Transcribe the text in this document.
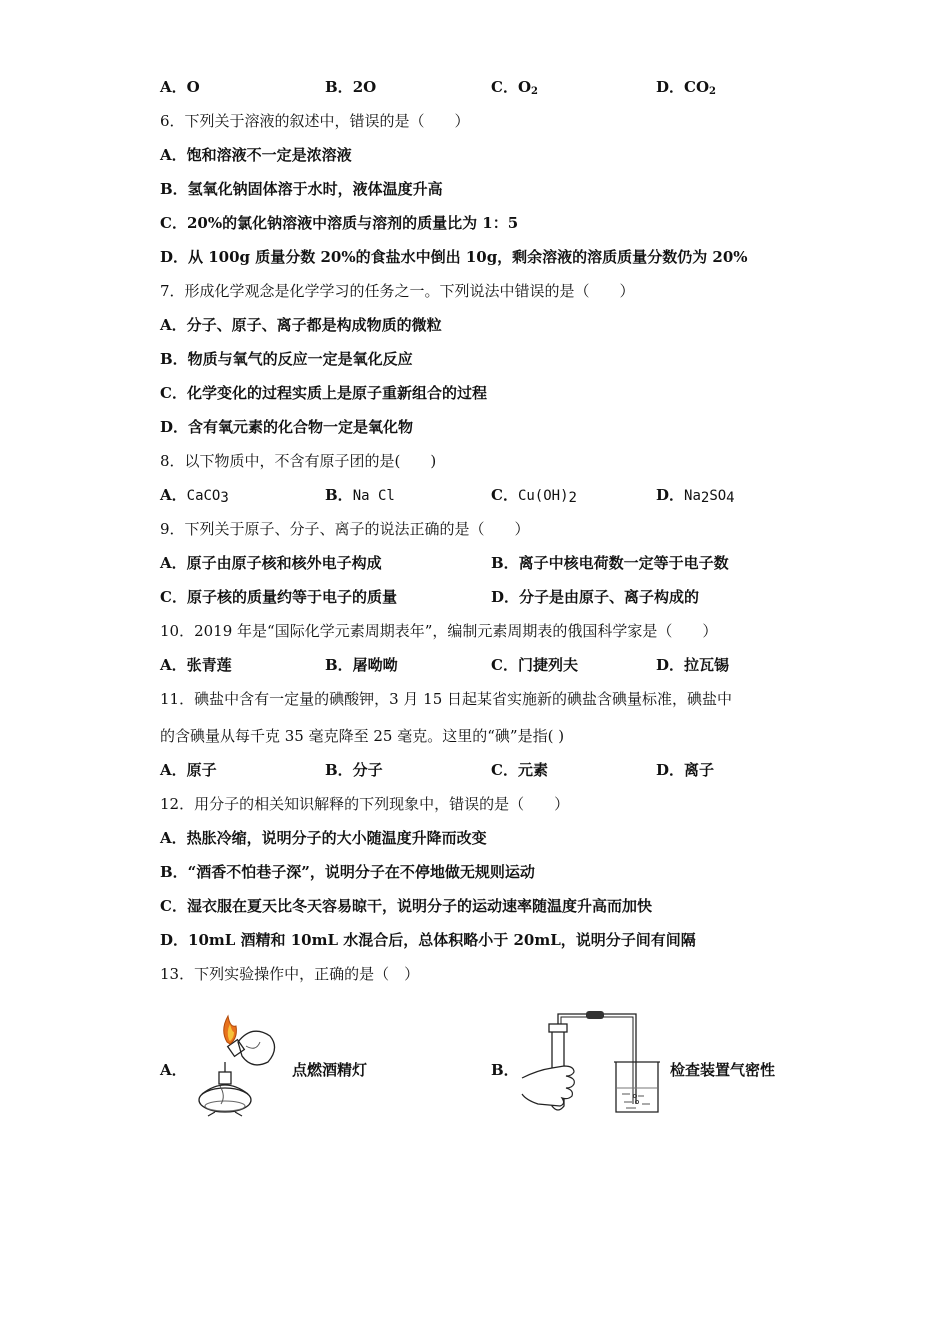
A．O	B．2O	C．$O_2$	D．$CO_2$
6．下列关于溶液的叙述中，错误的是（　　）
A．饱和溶液不一定是浓溶液
B．氢氧化钠固体溶于水时，液体温度升高
C．20%的氯化钠溶液中溶质与溶剂的质量比为 1：5
D．从 100g 质量分数 20%的食盐水中倒出 10g，剩余溶液的溶质质量分数仍为 20%
7．形成化学观念是化学学习的任务之一。下列说法中错误的是（　　）
A．分子、原子、离子都是构成物质的微粒
B．物质与氧气的反应一定是氧化反应
C．化学变化的过程实质上是原子重新组合的过程
D．含有氧元素的化合物一定是氧化物
8．以下物质中，不含有原子团的是(　　)
A．CaCO$_3$	B．Na Cl	C．$Cu(OH)_2$	D．$Na_2SO_4$
9．下列关于原子、分子、离子的说法正确的是（　　）
A．原子由原子核和核外电子构成	B．离子中核电荷数一定等于电子数
C．原子核的质量约等于电子的质量	D．分子是由原子、离子构成的
10．2019 年是“国际化学元素周期表年”，编制元素周期表的俄国科学家是（　　）
A．张青莲	B．屠呦呦	C．门捷列夫	D．拉瓦锡
11．碘盐中含有一定量的碘酸钾，3 月 15 日起某省实施新的碘盐含碘量标准，碘盐中
的含碘量从每千克 35 毫克降至 25 毫克。这里的“碘”是指( )
A．原子	B．分子	C．元素	D．离子
12．用分子的相关知识解释的下列现象中，错误的是（　　）
A．热胀冷缩，说明分子的大小随温度升降而改变
B．“酒香不怕巷子深”，说明分子在不停地做无规则运动
C．湿衣服在夏天比冬天容易晾干，说明分子的运动速率随温度升高而加快
D．10mL 酒精和 10mL 水混合后，总体积略小于 20mL，说明分子间有间隔
13．下列实验操作中，正确的是（　）
A．	点燃酒精灯	B．	检查装置气密性
